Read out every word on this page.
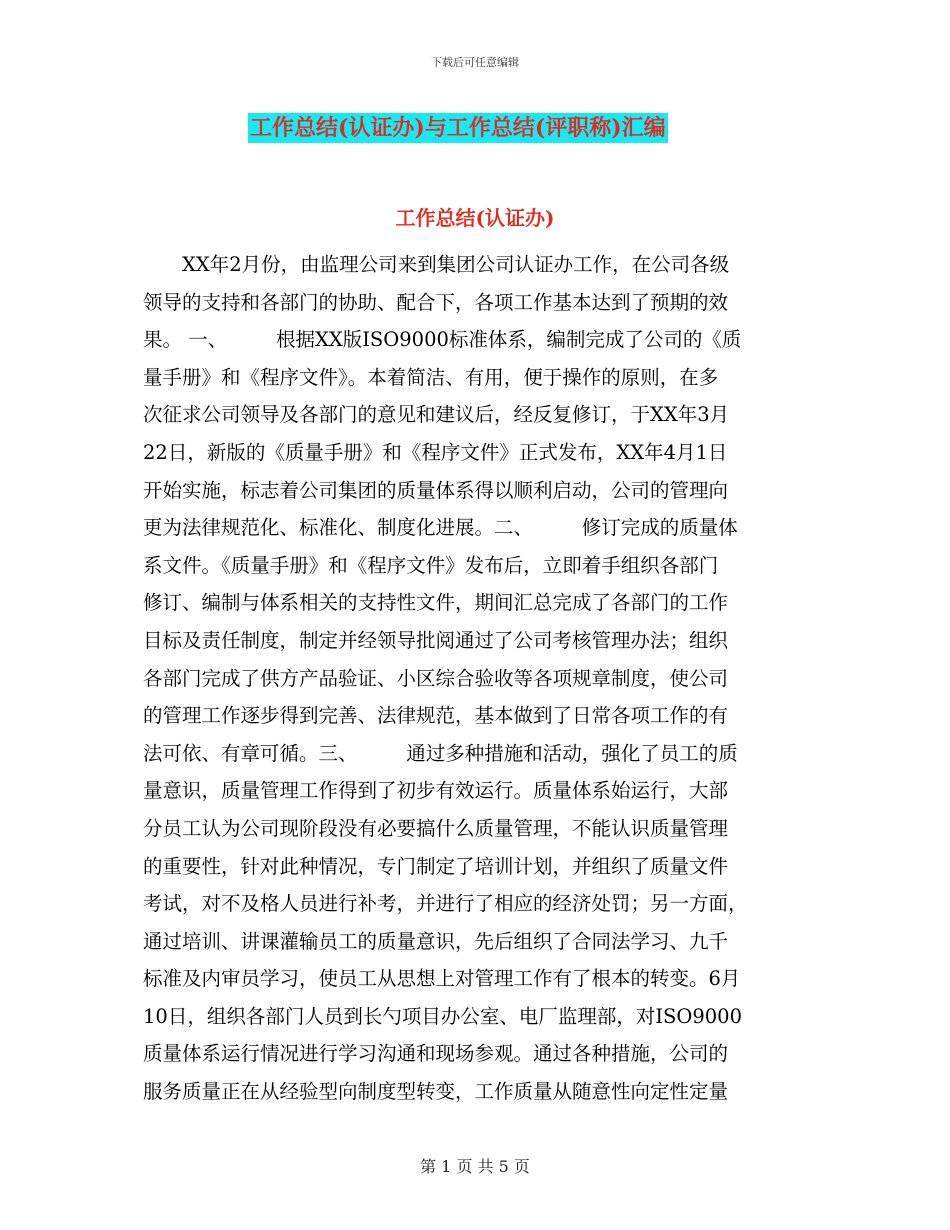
下载后可任意编辑
工作总结(认证办)与工作总结(评职称)汇编
工作总结(认证办)
　　XX年2月份，由监理公司来到集团公司认证办工作，在公司各级
领导的支持和各部门的协助、配合下，各项工作基本达到了预期的效
果。 一、　　　根据XX版ISO9000标准体系，编制完成了公司的《质
量手册》和《程序文件》。本着简洁、有用，便于操作的原则，在多
次征求公司领导及各部门的意见和建议后，经反复修订，于XX年3月
22日，新版的《质量手册》和《程序文件》正式发布，XX年4月1日
开始实施，标志着公司集团的质量体系得以顺利启动，公司的管理向
更为法律规范化、标准化、制度化进展。二、　　　修订完成的质量体
系文件。《质量手册》和《程序文件》发布后，立即着手组织各部门
修订、编制与体系相关的支持性文件，期间汇总完成了各部门的工作
目标及责任制度，制定并经领导批阅通过了公司考核管理办法；组织
各部门完成了供方产品验证、小区综合验收等各项规章制度，使公司
的管理工作逐步得到完善、法律规范，基本做到了日常各项工作的有
法可依、有章可循。三、　　　通过多种措施和活动，强化了员工的质
量意识，质量管理工作得到了初步有效运行。质量体系始运行，大部
分员工认为公司现阶段没有必要搞什么质量管理，不能认识质量管理
的重要性，针对此种情况，专门制定了培训计划，并组织了质量文件
考试，对不及格人员进行补考，并进行了相应的经济处罚；另一方面，
通过培训、讲课灌输员工的质量意识，先后组织了合同法学习、九千
标准及内审员学习，使员工从思想上对管理工作有了根本的转变。6月
10日，组织各部门人员到长勺项目办公室、电厂监理部，对ISO9000
质量体系运行情况进行学习沟通和现场参观。通过各种措施，公司的
服务质量正在从经验型向制度型转变，工作质量从随意性向定性定量
第 1 页 共 5 页
